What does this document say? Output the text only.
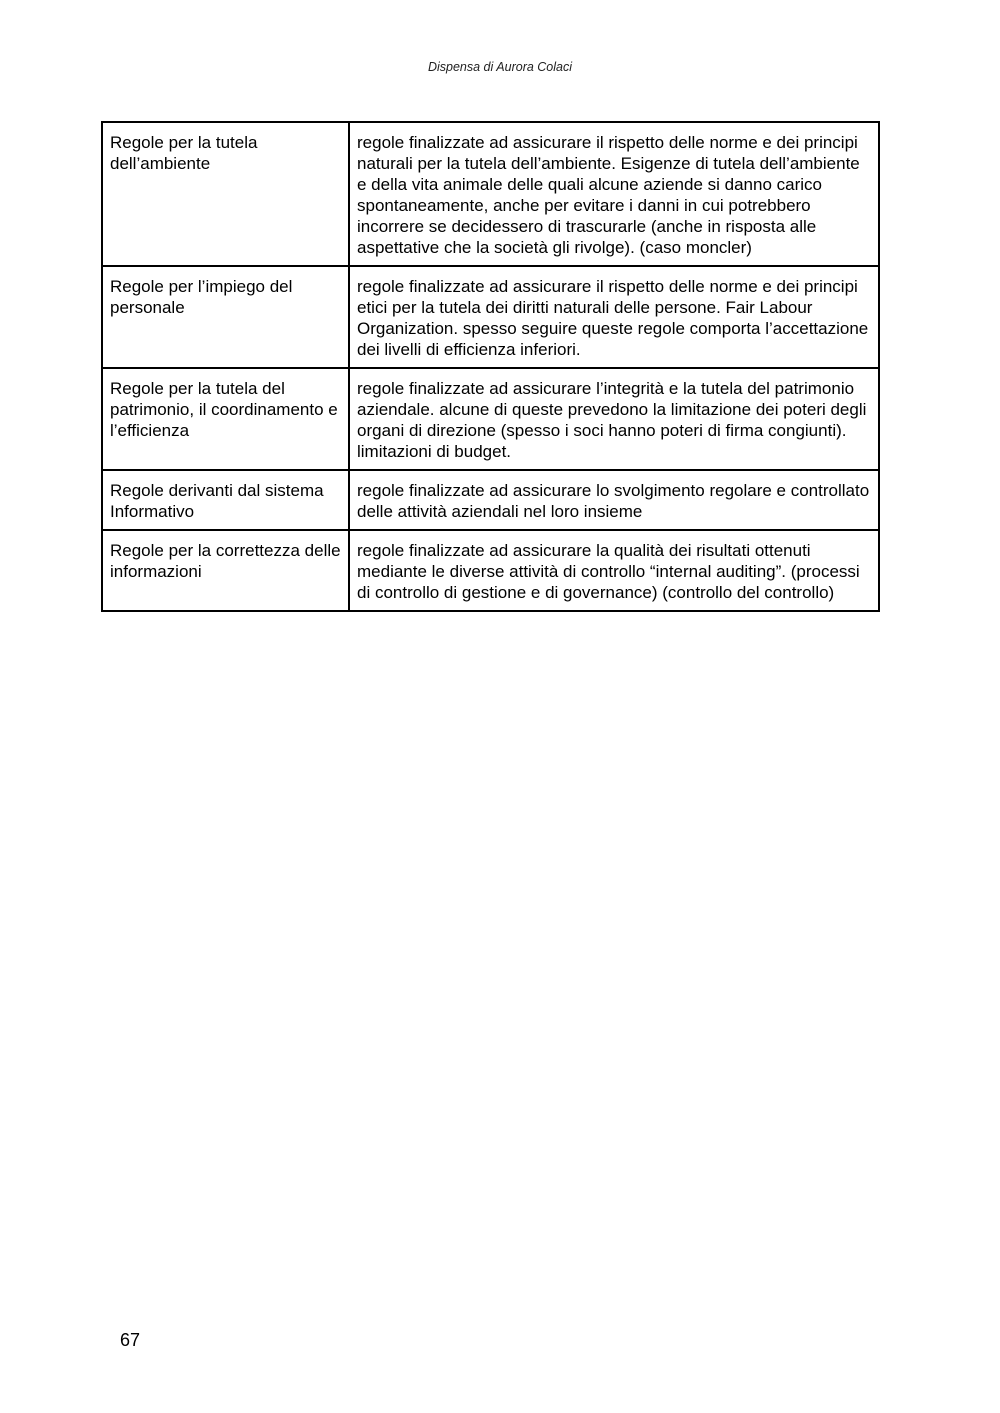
Dispensa di Aurora Colaci
Regole per la tutela dell’ambiente	regole finalizzate ad assicurare il rispetto delle norme e dei principi naturali per la tutela dell’ambiente. Esigenze di tutela dell’ambiente e della vita animale delle quali alcune aziende si danno carico spontaneamente, anche per evitare i danni in cui potrebbero incorrere se decidessero di trascurarle (anche in risposta alle aspettative che la società gli rivolge). (caso moncler)
Regole per l’impiego del personale	regole finalizzate ad assicurare il rispetto delle norme e dei principi etici per la tutela dei diritti naturali delle persone. Fair Labour Organization. spesso seguire queste regole comporta l’accettazione dei livelli di efficienza inferiori.
Regole per la tutela del patrimonio, il coordinamento e l’efficienza	regole finalizzate ad assicurare l’integrità e la tutela del patrimonio aziendale. alcune di queste prevedono la limitazione dei poteri degli organi di direzione (spesso i soci hanno poteri di firma congiunti). limitazioni di budget.
Regole derivanti dal sistema Informativo	regole finalizzate ad assicurare lo svolgimento regolare e controllato delle attività aziendali nel loro insieme
Regole per la correttezza delle informazioni	regole finalizzate ad assicurare la qualità dei risultati ottenuti mediante le diverse attività di controllo “internal auditing”. (processi di controllo di gestione e di governance) (controllo del controllo)
67
